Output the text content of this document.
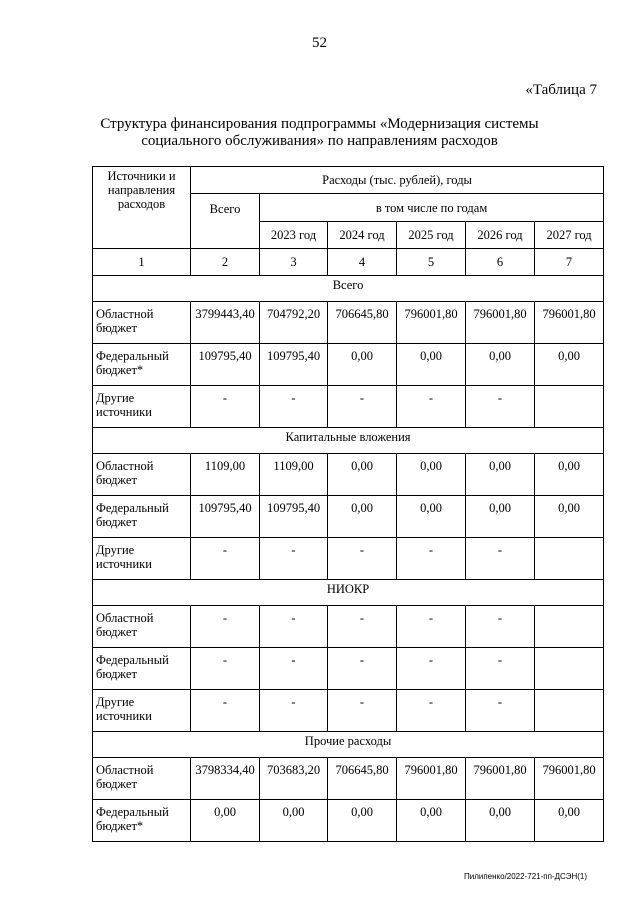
52
«Таблица 7
Структура финансирования подпрограммы «Модернизация системы
социального обслуживания» по направлениям расходов
Источники и направления расходов	Расходы (тыс. рублей), годы					
	Всего	в том числе по годам				
		2023 год	2024 год	2025 год	2026 год	2027 год
1	2	3	4	5	6	7
Всего						
Областной бюджет	3799443,40	704792,20	706645,80	796001,80	796001,80	796001,80
Федеральный бюджет*	109795,40	109795,40	0,00	0,00	0,00	0,00
Другие источники	-	-	-	-	-	
Капитальные вложения						
Областной бюджет	1109,00	1109,00	0,00	0,00	0,00	0,00
Федеральный бюджет	109795,40	109795,40	0,00	0,00	0,00	0,00
Другие источники	-	-	-	-	-	
НИОКР						
Областной бюджет	-	-	-	-	-	
Федеральный бюджет	-	-	-	-	-	
Другие источники	-	-	-	-	-	
Прочие расходы						
Областной бюджет	3798334,40	703683,20	706645,80	796001,80	796001,80	796001,80
Федеральный бюджет*	0,00	0,00	0,00	0,00	0,00	0,00
Пилипенко/2022-721-пп-ДСЭН(1)
